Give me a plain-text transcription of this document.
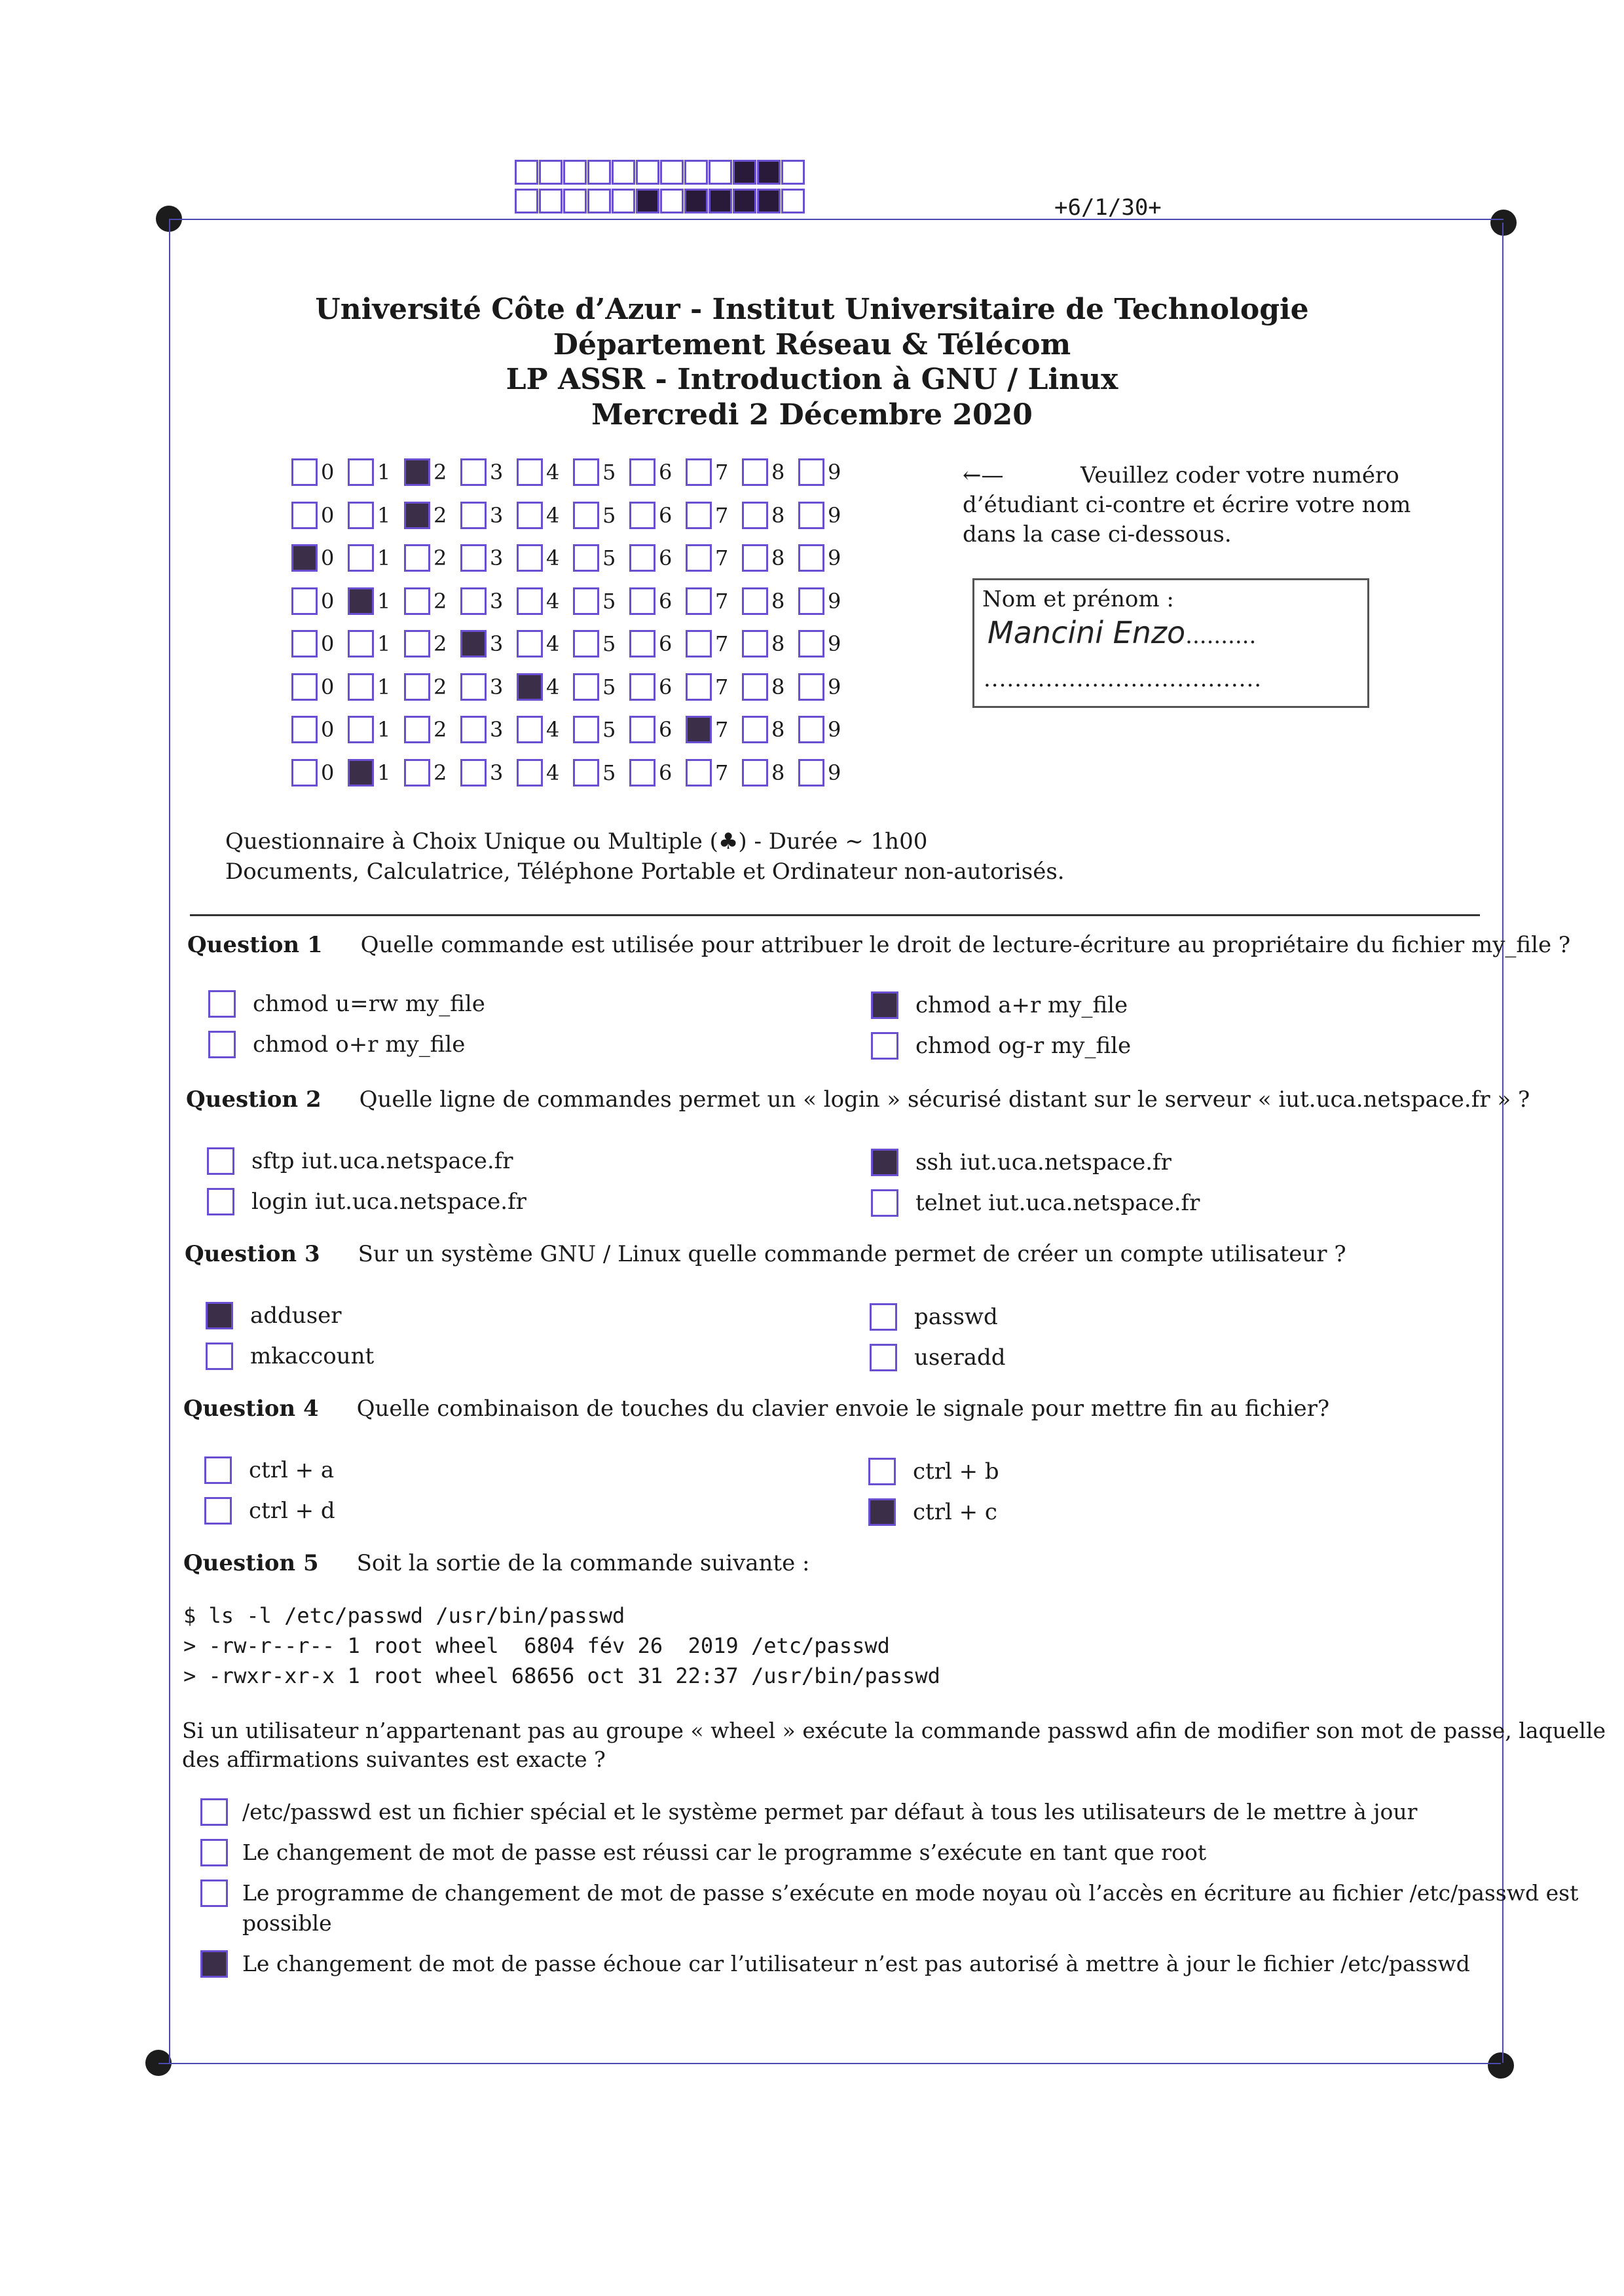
+6/1/30+
Université Côte d’Azur - Institut Universitaire de Technologie
Département Réseau & Télécom
LP ASSR - Introduction à GNU / Linux
Mercredi 2 Décembre 2020
0 1 2 3 4 5 6 7 8 9
0 1 2 3 4 5 6 7 8 9
0 1 2 3 4 5 6 7 8 9
0 1 2 3 4 5 6 7 8 9
0 1 2 3 4 5 6 7 8 9
0 1 2 3 4 5 6 7 8 9
0 1 2 3 4 5 6 7 8 9
0 1 2 3 4 5 6 7 8 9
←—	Veuillez coder votre numéro
d’étudiant ci-contre et écrire votre nom
dans la case ci-dessous.
Nom et prénom :
Mancini Enzo..........
....................................
Questionnaire à Choix Unique ou Multiple (♣) - Durée ∼ 1h00
Documents, Calculatrice, Téléphone Portable et Ordinateur non-autorisés.
Question 1 Quelle commande est utilisée pour attribuer le droit de lecture-écriture au propriétaire du fichier my_file ?
chmod u=rw my_file
chmod o+r my_file
chmod a+r my_file
chmod og-r my_file
Question 2 Quelle ligne de commandes permet un « login » sécurisé distant sur le serveur « iut.uca.netspace.fr » ?
sftp iut.uca.netspace.fr
login iut.uca.netspace.fr
ssh iut.uca.netspace.fr
telnet iut.uca.netspace.fr
Question 3 Sur un système GNU / Linux quelle commande permet de créer un compte utilisateur ?
adduser
mkaccount
passwd
useradd
Question 4 Quelle combinaison de touches du clavier envoie le signale pour mettre fin au fichier?
ctrl + a
ctrl + d
ctrl + b
ctrl + c
Question 5 Soit la sortie de la commande suivante :
$ ls -l /etc/passwd /usr/bin/passwd
> -rw-r--r-- 1 root wheel  6804 fév 26  2019 /etc/passwd
> -rwxr-xr-x 1 root wheel 68656 oct 31 22:37 /usr/bin/passwd
Si un utilisateur n’appartenant pas au groupe « wheel » exécute la commande passwd afin de modifier son mot de passe, laquelle
des affirmations suivantes est exacte ?
/etc/passwd est un fichier spécial et le système permet par défaut à tous les utilisateurs de le mettre à jour
Le changement de mot de passe est réussi car le programme s’exécute en tant que root
Le programme de changement de mot de passe s’exécute en mode noyau où l’accès en écriture au fichier /etc/passwd est
possible
Le changement de mot de passe échoue car l’utilisateur n’est pas autorisé à mettre à jour le fichier /etc/passwd
